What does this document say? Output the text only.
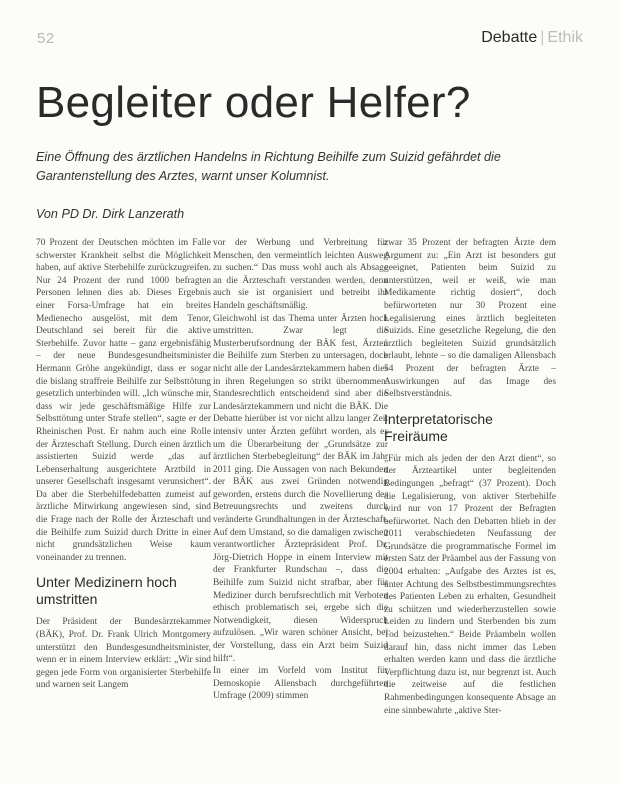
52	Debatte | Ethik
Begleiter oder Helfer?

Eine Öffnung des ärztlichen Handelns in Richtung Beihilfe zum Suizid gefährdet die Garantenstellung des Arztes, warnt unser Kolumnist.

Von PD Dr. Dirk Lanzerath

70 Prozent der Deutschen möchten im Falle schwerster Krankheit selbst die Möglichkeit haben, auf aktive Sterbehilfe zurückzugreifen. Nur 24 Prozent der rund 1000 befragten Personen lehnen dies ab. Dieses Ergebnis einer Forsa-Umfrage hat ein breites Medienecho ausgelöst, mit dem Tenor, Deutschland sei bereit für die aktive Sterbehilfe. Zuvor hatte – ganz ergebnisfähig – der neue Bundesgesundheitsminister Hermann Gröhe angekündigt, dass er sogar die bislang straffreie Beihilfe zur Selbsttötung gesetzlich unterbinden will. „Ich wünsche mir, dass wir jede geschäftsmäßige Hilfe zur Selbsttötung unter Strafe stellen“, sagte er der Rheinischen Post. Er nahm auch eine Rolle der Ärzteschaft Stellung. Durch einen ärztlich assistierten Suizid werde „das auf Lebenserhaltung ausgerichtete Arztbild in unserer Gesellschaft insgesamt verunsichert“. Da aber die Sterbehilfedebatten zumeist auf ärztliche Mitwirkung angewiesen sind, sind die Frage nach der Rolle der Ärzteschaft und die Beihilfe zum Suizid durch Dritte in einer nicht grundsätzlichen Weise kaum voneinander zu trennen.

Unter Medizinern hoch umstritten

Der Präsident der Bundesärztekammer (BÄK), Prof. Dr. Frank Ulrich Montgomery unterstützt den Bundesgesundheitsminister, wenn er in einem Interview erklärt: „Wir sind gegen jede Form von organisierter Sterbehilfe und warnen seit Langem

vor der Werbung und Verbreitung für Menschen, den vermeintlich leichten Ausweg zu suchen.“ Das muss wohl auch als Absage an die Ärzteschaft verstanden werden, denn auch sie ist organisiert und betreibt ihr Handeln geschäftsmäßig.

Gleichwohl ist das Thema unter Ärzten hoch umstritten. Zwar legt die Musterberufsordnung der BÄK fest, Ärzten die Beihilfe zum Sterben zu untersagen, doch nicht alle der Landesärztekammern haben dies in ihren Regelungen so strikt übernommen. Standesrechtlich entscheidend sind aber die Landesärztekammern und nicht die BÄK. Die Debatte hierüber ist vor nicht allzu langer Zeit intensiv unter Ärzten geführt worden, als es um die Überarbeitung der „Grundsätze zur ärztlichen Sterbebegleitung“ der BÄK im Jahr 2011 ging. Die Aussagen von nach Bekunden der BÄK aus zwei Gründen notwendig geworden, erstens durch die Novellierung des Betreuungsrechts und zweitens durch veränderte Grundhaltungen in der Ärzteschaft. Auf dem Umstand, so die damaligen zwischen verantwortlicher Ärztepräsident Prof. Dr. Jörg-Dietrich Hoppe in einem Interview mit der Frankfurter Rundschau –, dass die Beihilfe zum Suizid nicht strafbar, aber für Mediziner durch berufsrechtlich mit Verboten ethisch problematisch sei, ergebe sich die Notwendigkeit, diesen Widerspruch aufzulösen. „Wir waren schöner Ansicht, bei der Vorstellung, dass ein Arzt beim Suizid hilft“.

In einer im Vorfeld vom Institut für Demoskopie Allensbach durchgeführten Umfrage (2009) stimmen

zwar 35 Prozent der befragten Ärzte dem Argument zu: „Ein Arzt ist besonders gut geeignet, Patienten beim Suizid zu unterstützen, weil er weiß, wie man Medikamente richtig dosiert“, doch befürworteten nur 30 Prozent eine Legalisierung eines ärztlich begleiteten Suizids. Eine gesetzliche Regelung, die den ärztlich begleiteten Suizid grundsätzlich erlaubt, lehnte – so die damaligen Allensbach 54 Prozent der befragten Ärzte – Auswirkungen auf das Image des Selbstverständnis.

Interpretatorische Freiräume

„Für mich als jeden der den Arzt dient“, so der Ärzteartikel unter begleitenden Bedingungen „befragt“ (37 Prozent). Doch die Legalisierung, von aktiver Sterbehilfe wird nur von 17 Prozent der Befragten befürwortet. Nach den Debatten blieb in der 2011 verabschiedeten Neufassung der Grundsätze die programmatische Formel im ersten Satz der Präambel aus der Fassung von 2004 erhalten: „Aufgabe des Arztes ist es, unter Achtung des Selbstbestimmungsrechtes des Patienten Leben zu erhalten, Gesundheit zu schützen und wiederherzustellen sowie Leiden zu lindern und Sterbenden bis zum Tod beizustehen.“ Beide Präambeln wollen darauf hin, dass nicht immer das Leben erhalten werden kann und dass die ärztliche Verpflichtung dazu ist, nur begrenzt ist. Auch die zeitweise auf die festlichen Rahmenbedingungen konsequente Absage an eine sinnbewahrte „aktive Ster-
